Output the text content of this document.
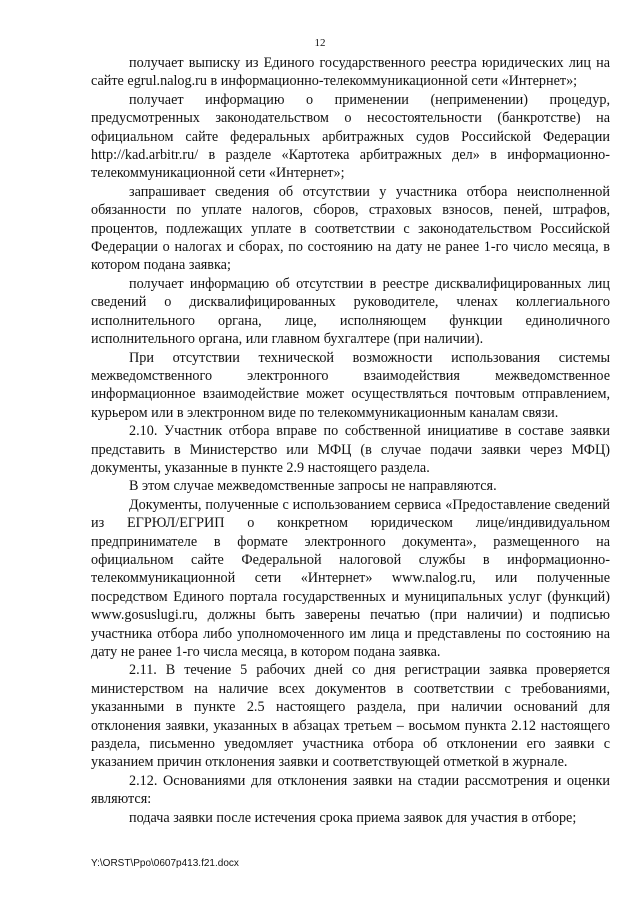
12

получает выписку из Единого государственного реестра юридических лиц на сайте egrul.nalog.ru в информационно-телекоммуникационной сети «Интернет»;

получает информацию о применении (неприменении) процедур, предусмотренных законодательством о несостоятельности (банкротстве) на официальном сайте федеральных арбитражных судов Российской Федерации http://kad.arbitr.ru/ в разделе «Картотека арбитражных дел» в информационно-телекоммуникационной сети «Интернет»;

запрашивает сведения об отсутствии у участника отбора неисполненной обязанности по уплате налогов, сборов, страховых взносов, пеней, штрафов, процентов, подлежащих уплате в соответствии с законодательством Российской Федерации о налогах и сборах, по состоянию на дату не ранее 1-го число месяца, в котором подана заявка;

получает информацию об отсутствии в реестре дисквалифицированных лиц сведений о дисквалифицированных руководителе, членах коллегиального исполнительного органа, лице, исполняющем функции единоличного исполнительного органа, или главном бухгалтере (при наличии).

При отсутствии технической возможности использования системы межведомственного электронного взаимодействия межведомственное информационное взаимодействие может осуществляться почтовым отправлением, курьером или в электронном виде по телекоммуникационным каналам связи.

2.10. Участник отбора вправе по собственной инициативе в составе заявки представить в Министерство или МФЦ (в случае подачи заявки через МФЦ) документы, указанные в пункте 2.9 настоящего раздела.

В этом случае межведомственные запросы не направляются.

Документы, полученные с использованием сервиса «Предоставление сведений из ЕГРЮЛ/ЕГРИП о конкретном юридическом лице/индивидуальном предпринимателе в формате электронного документа», размещенного на официальном сайте Федеральной налоговой службы в информационно-телекоммуникационной сети «Интернет» www.nalog.ru, или полученные посредством Единого портала государственных и муниципальных услуг (функций) www.gosuslugi.ru, должны быть заверены печатью (при наличии) и подписью участника отбора либо уполномоченного им лица и представлены по состоянию на дату не ранее 1-го числа месяца, в котором подана заявка.

2.11. В течение 5 рабочих дней со дня регистрации заявка проверяется министерством на наличие всех документов в соответствии с требованиями, указанными в пункте 2.5 настоящего раздела, при наличии оснований для отклонения заявки, указанных в абзацах третьем – восьмом пункта 2.12 настоящего раздела, письменно уведомляет участника отбора об отклонении его заявки с указанием причин отклонения заявки и соответствующей отметкой в журнале.

2.12. Основаниями для отклонения заявки на стадии рассмотрения и оценки являются:

подача заявки после истечения срока приема заявок для участия в отборе;

Y:\ORST\Ppo\0607p413.f21.docx
